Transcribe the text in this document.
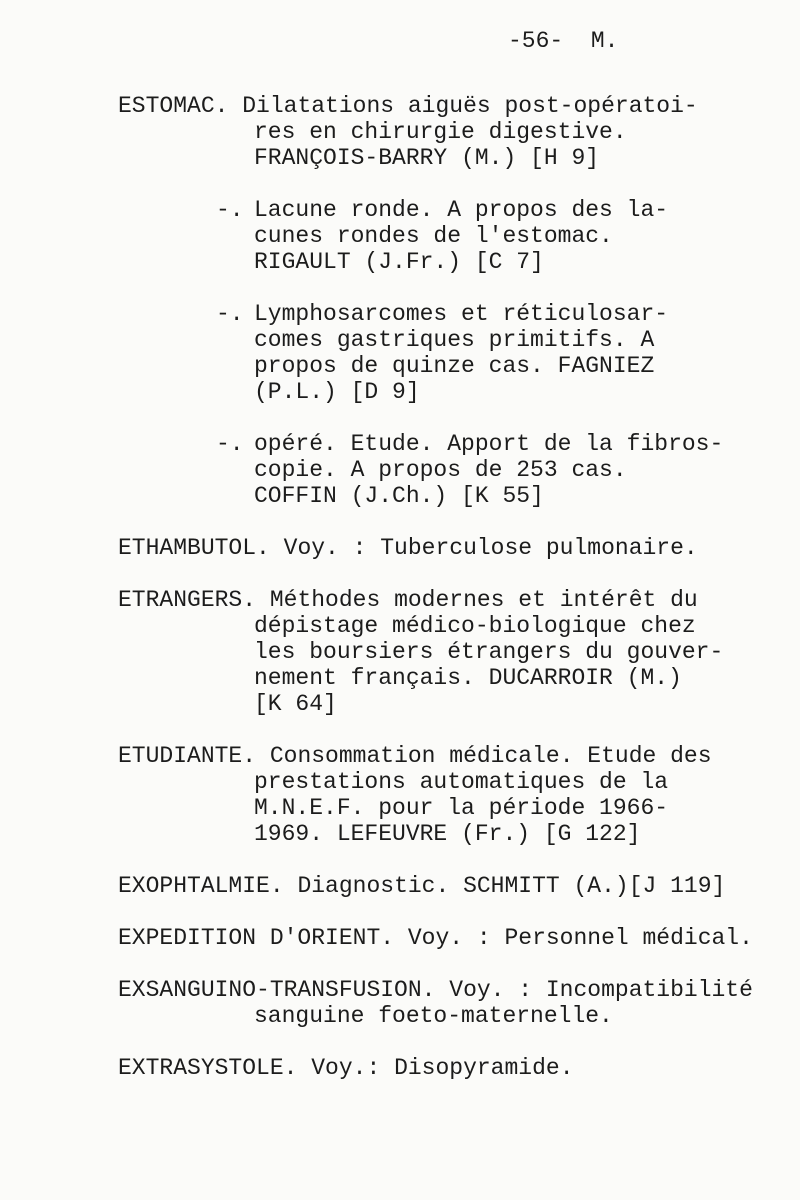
-56- M.
ESTOMAC.
Dilatations aiguës post-opératoi-
res en chirurgie digestive.
FRANÇOIS-BARRY (M.) [H 9]
-. Lacune ronde. A propos des la-
cunes rondes de l'estomac.
RIGAULT (J.Fr.) [C 7]
-. Lymphosarcomes et réticulosar-
comes gastriques primitifs. A
propos de quinze cas. FAGNIEZ
(P.L.) [D 9]
-. opéré. Etude. Apport de la fibros-
copie. A propos de 253 cas.
COFFIN (J.Ch.) [K 55]
ETHAMBUTOL.
Voy. : Tuberculose pulmonaire.
ETRANGERS.
Méthodes modernes et intérêt du
dépistage médico-biologique chez
les boursiers étrangers du gouver-
nement français. DUCARROIR (M.)
[K 64]
ETUDIANTE.
Consommation médicale. Etude des
prestations automatiques de la
M.N.E.F. pour la période 1966-
1969. LEFEUVRE (Fr.) [G 122]
EXOPHTALMIE.
Diagnostic. SCHMITT (A.)[J 119]
EXPEDITION D'ORIENT.
Voy. : Personnel médical.
EXSANGUINO-TRANSFUSION.
Voy. : Incompatibilité
sanguine foeto-maternelle.
EXTRASYSTOLE.
Voy.: Disopyramide.
